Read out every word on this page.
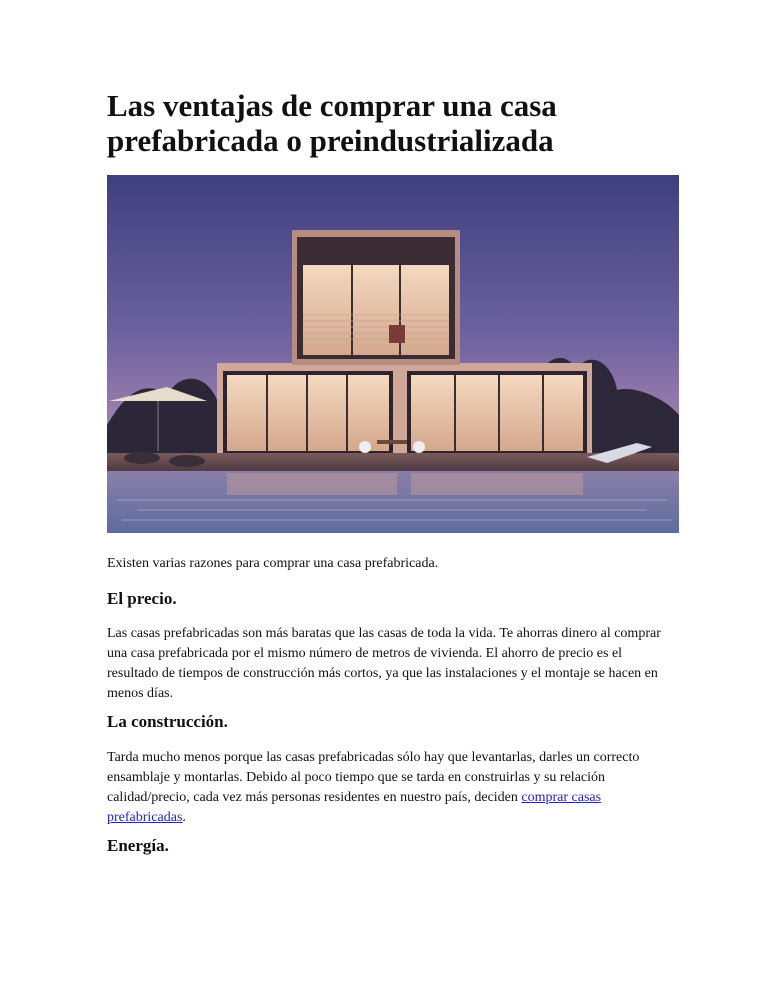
Las ventajas de comprar una casa
prefabricada o preindustrializada

Existen varias razones para comprar una casa prefabricada.

El precio.

Las casas prefabricadas son más baratas que las casas de toda la vida. Te ahorras dinero al comprar una casa prefabricada por el mismo número de metros de vivienda. El ahorro de precio es el resultado de tiempos de construcción más cortos, ya que las instalaciones y el montaje se hacen en menos días.

La construcción.

Tarda mucho menos porque las casas prefabricadas sólo hay que levantarlas, darles un correcto ensamblaje y montarlas. Debido al poco tiempo que se tarda en construirlas y su relación calidad/precio, cada vez más personas residentes en nuestro país, deciden comprar casas prefabricadas.

Energía.
